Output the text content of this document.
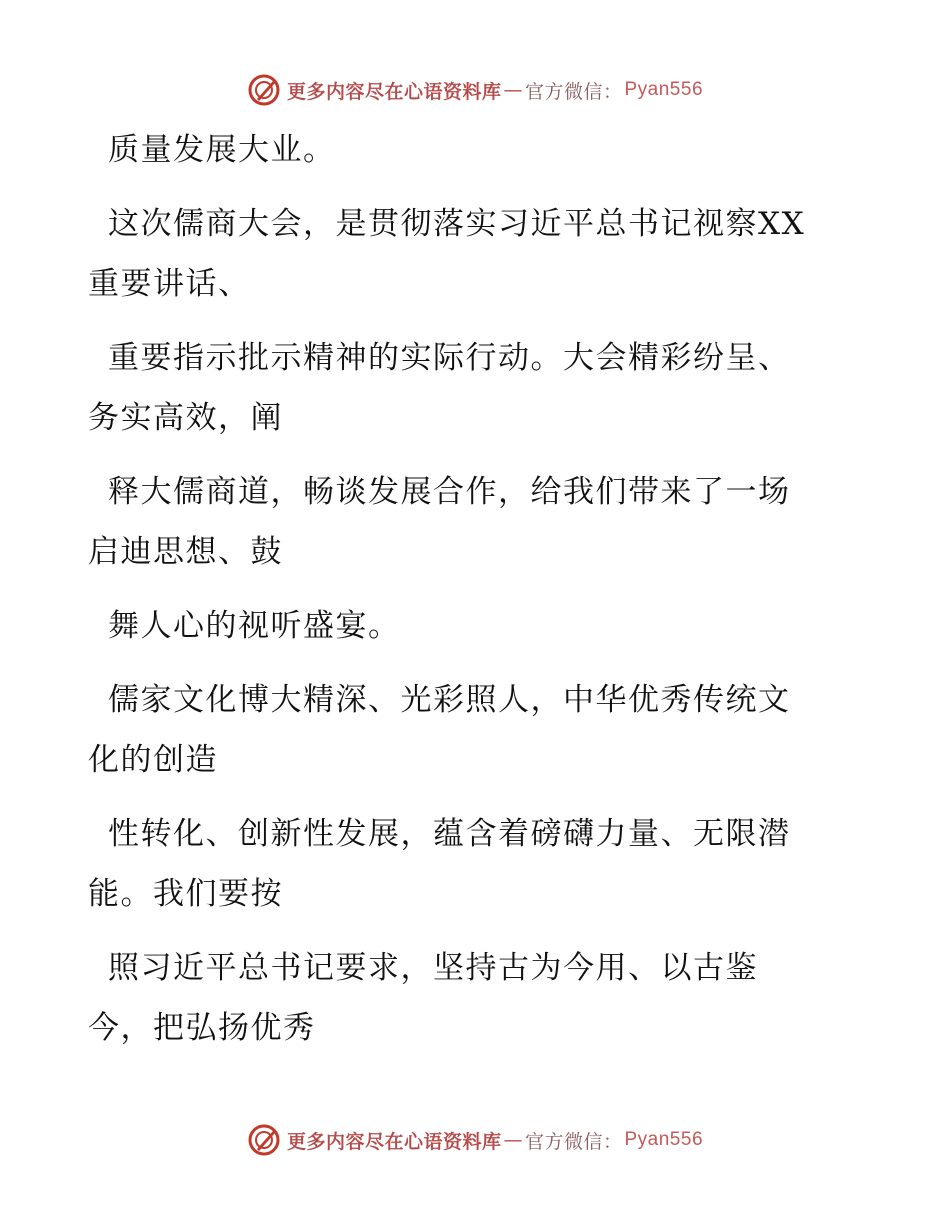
更多内容尽在心语资料库 — 官方微信： Pyan556
质量发展大业。
这次儒商大会，是贯彻落实习近平总书记视察XX
重要讲话、
重要指示批示精神的实际行动。大会精彩纷呈、
务实高效，阐
释大儒商道，畅谈发展合作，给我们带来了一场
启迪思想、鼓
舞人心的视听盛宴。
儒家文化博大精深、光彩照人，中华优秀传统文
化的创造
性转化、创新性发展，蕴含着磅礴力量、无限潜
能。我们要按
照习近平总书记要求，坚持古为今用、以古鉴
今，把弘扬优秀
更多内容尽在心语资料库 — 官方微信： Pyan556
